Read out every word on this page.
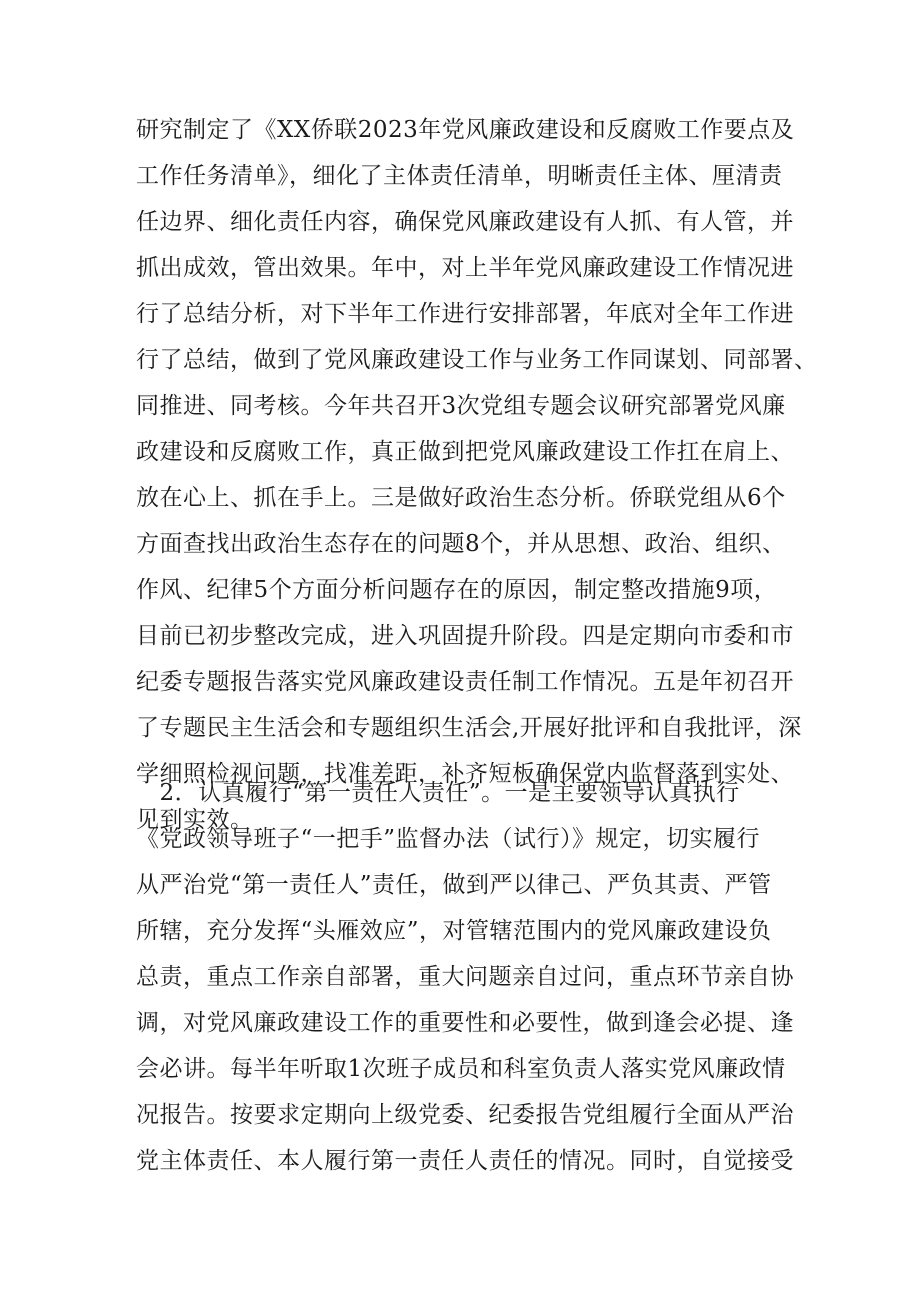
研究制定了《XX侨联2023年党风廉政建设和反腐败工作要点及
工作任务清单》，细化了主体责任清单，明晰责任主体、厘清责
任边界、细化责任内容，确保党风廉政建设有人抓、有人管，并
抓出成效，管出效果。年中，对上半年党风廉政建设工作情况进
行了总结分析，对下半年工作进行安排部署，年底对全年工作进
行了总结，做到了党风廉政建设工作与业务工作同谋划、同部署、
同推进、同考核。今年共召开3次党组专题会议研究部署党风廉
政建设和反腐败工作，真正做到把党风廉政建设工作扛在肩上、
放在心上、抓在手上。三是做好政治生态分析。侨联党组从6个
方面查找出政治生态存在的问题8个，并从思想、政治、组织、
作风、纪律5个方面分析问题存在的原因，制定整改措施9项，
目前已初步整改完成，进入巩固提升阶段。四是定期向市委和市
纪委专题报告落实党风廉政建设责任制工作情况。五是年初召开
了专题民主生活会和专题组织生活会,开展好批评和自我批评，深
学细照检视问题，找准差距，补齐短板确保党内监督落到实处、
见到实效。
　2．认真履行“第一责任人责任”。一是主要领导认真执行
《党政领导班子“一把手”监督办法（试行）》规定，切实履行
从严治党“第一责任人”责任，做到严以律己、严负其责、严管
所辖，充分发挥“头雁效应”，对管辖范围内的党风廉政建设负
总责，重点工作亲自部署，重大问题亲自过问，重点环节亲自协
调，对党风廉政建设工作的重要性和必要性，做到逢会必提、逢
会必讲。每半年听取1次班子成员和科室负责人落实党风廉政情
况报告。按要求定期向上级党委、纪委报告党组履行全面从严治
党主体责任、本人履行第一责任人责任的情况。同时，自觉接受
